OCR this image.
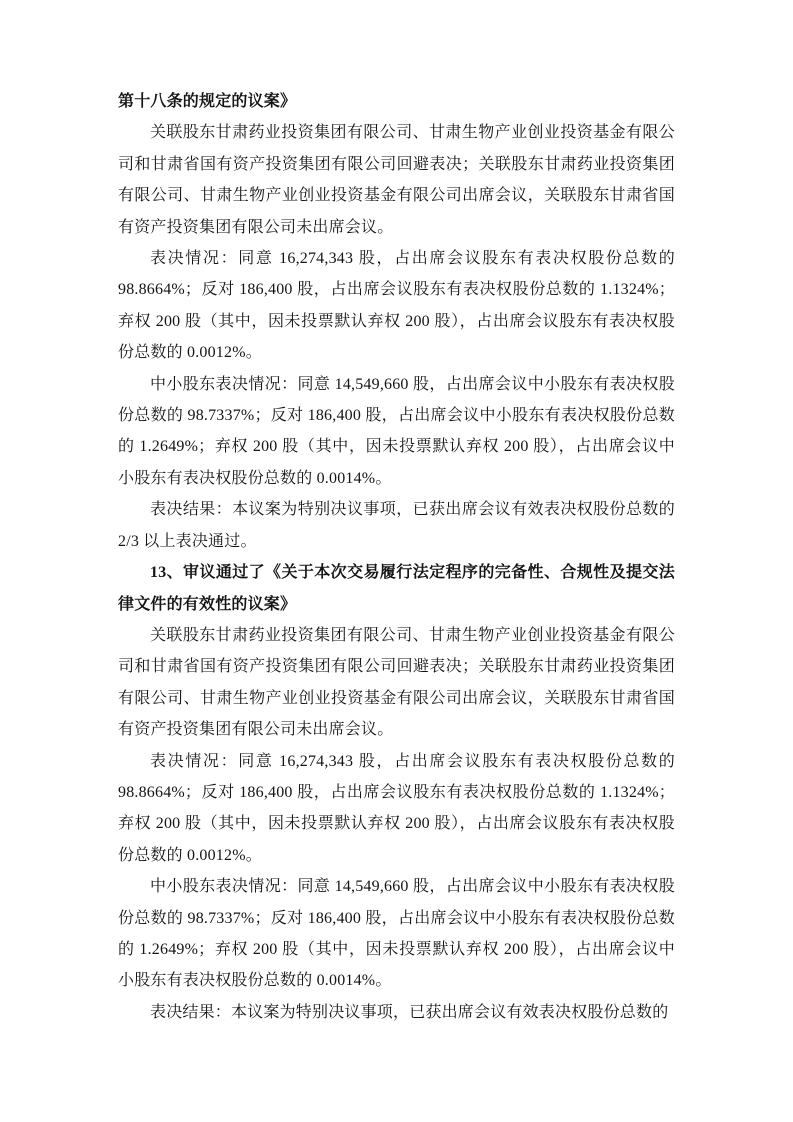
第十八条的规定的议案》

关联股东甘肃药业投资集团有限公司、甘肃生物产业创业投资基金有限公司和甘肃省国有资产投资集团有限公司回避表决；关联股东甘肃药业投资集团有限公司、甘肃生物产业创业投资基金有限公司出席会议，关联股东甘肃省国有资产投资集团有限公司未出席会议。

表决情况：同意 16,274,343 股，占出席会议股东有表决权股份总数的 98.8664%；反对 186,400 股，占出席会议股东有表决权股份总数的 1.1324%；弃权 200 股（其中，因未投票默认弃权 200 股），占出席会议股东有表决权股份总数的 0.0012%。

中小股东表决情况：同意 14,549,660 股，占出席会议中小股东有表决权股份总数的 98.7337%；反对 186,400 股，占出席会议中小股东有表决权股份总数的 1.2649%；弃权 200 股（其中，因未投票默认弃权 200 股），占出席会议中小股东有表决权股份总数的 0.0014%。

表决结果：本议案为特别决议事项，已获出席会议有效表决权股份总数的 2/3 以上表决通过。

13、审议通过了《关于本次交易履行法定程序的完备性、合规性及提交法律文件的有效性的议案》

关联股东甘肃药业投资集团有限公司、甘肃生物产业创业投资基金有限公司和甘肃省国有资产投资集团有限公司回避表决；关联股东甘肃药业投资集团有限公司、甘肃生物产业创业投资基金有限公司出席会议，关联股东甘肃省国有资产投资集团有限公司未出席会议。

表决情况：同意 16,274,343 股，占出席会议股东有表决权股份总数的 98.8664%；反对 186,400 股，占出席会议股东有表决权股份总数的 1.1324%；弃权 200 股（其中，因未投票默认弃权 200 股），占出席会议股东有表决权股份总数的 0.0012%。

中小股东表决情况：同意 14,549,660 股，占出席会议中小股东有表决权股份总数的 98.7337%；反对 186,400 股，占出席会议中小股东有表决权股份总数的 1.2649%；弃权 200 股（其中，因未投票默认弃权 200 股），占出席会议中小股东有表决权股份总数的 0.0014%。

表决结果：本议案为特别决议事项，已获出席会议有效表决权股份总数的
